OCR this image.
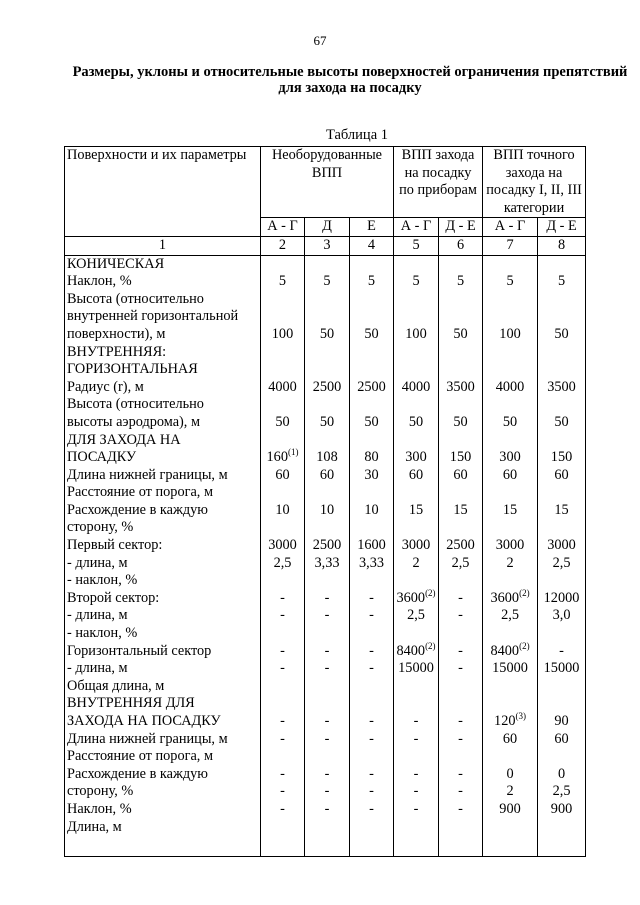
67
Размеры, уклоны и относительные высоты поверхностей ограничения препятствий для захода на посадку
Таблица 1
Поверхности и их параметры	Необорудованные ВПП			ВПП захода на посадку по приборам		ВПП точного захода на посадку I, II, III категории	
	А - Г	Д	Е	А - Г	Д - Е	А - Г	Д - Е
1	2	3	4	5	6	7	8
КОНИЧЕСКАЯ							
Наклон, %	5	5	5	5	5	5	5
Высота (относительно							
внутренней горизонтальной							
поверхности), м	100	50	50	100	50	100	50
ВНУТРЕННЯЯ:							
ГОРИЗОНТАЛЬНАЯ							
Радиус (r), м	4000	2500	2500	4000	3500	4000	3500
Высота (относительно							
высоты аэродрома), м	50	50	50	50	50	50	50
ДЛЯ ЗАХОДА НА							
ПОСАДКУ	160$^{(1)}$	108	80	300	150	300	150
Длина нижней границы, м	60	60	30	60	60	60	60
Расстояние от порога, м							
Расхождение в каждую	10	10	10	15	15	15	15
сторону, %							
Первый сектор:	3000	2500	1600	3000	2500	3000	3000
- длина, м	2,5	3,33	3,33	2	2,5	2	2,5
- наклон, %							
Второй сектор:	-	-	-	3600$^{(2)}$	-	3600$^{(2)}$	12000
- длина, м	-	-	-	2,5	-	2,5	3,0
- наклон, %							
Горизонтальный сектор	-	-	-	8400$^{(2)}$	-	8400$^{(2)}$	-
- длина, м	-	-	-	15000	-	15000	15000
Общая длина, м							
ВНУТРЕННЯЯ ДЛЯ							
ЗАХОДА НА ПОСАДКУ	-	-	-	-	-	120$^{(3)}$	90
Длина нижней границы, м	-	-	-	-	-	60	60
Расстояние от порога, м							
Расхождение в каждую	-	-	-	-	-	0	0
сторону, %	-	-	-	-	-	2	2,5
Наклон, %	-	-	-	-	-	900	900
Длина, м							
